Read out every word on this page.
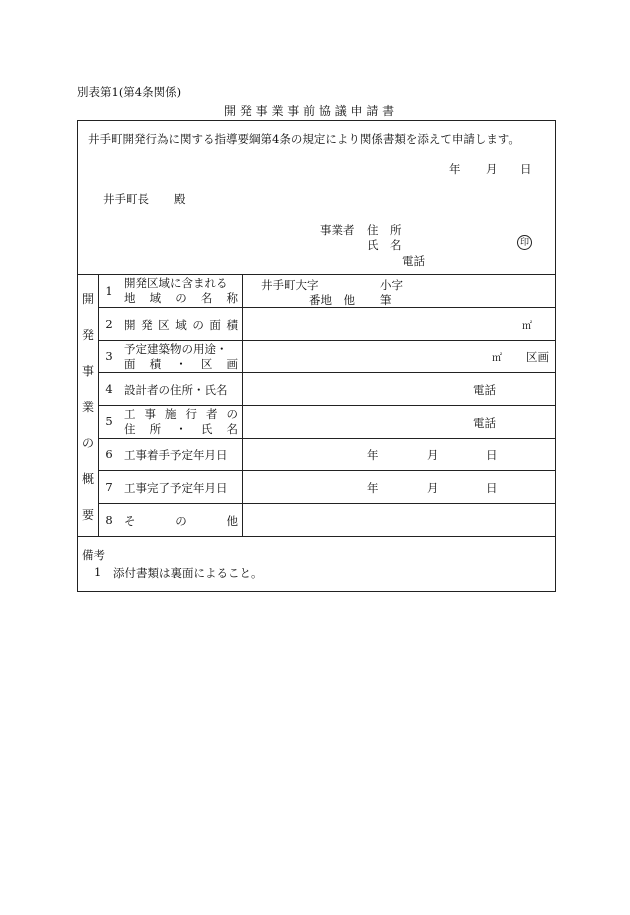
別表第1(第4条関係)
開 発 事 業 事 前 協 議 申 請 書
井手町開発行為に関する指導要綱第4条の規定により関係書類を添えて申請します。
年 月 日
井手町長 殿
事業者 住　所
氏　名	印
電話
開
発
事
業
の
概
要
1
開発区域に含まれる
地 域 の 名 称
井手町大字	小字
番地　他 筆
2 開 発 区 域 の 面 積	㎡
3 予定建築物の用途・
面 積 ・ 区 画	㎡ 区画
4 設計者の住所・氏名	電話
5 工 事 施 行 者 の
住 所 ・ 氏 名	電話
6 工事着手予定年月日	年	月	日
7 工事完了予定年月日	年	月	日
8 そ	の	他
備考
1 添付書類は裏面によること。
